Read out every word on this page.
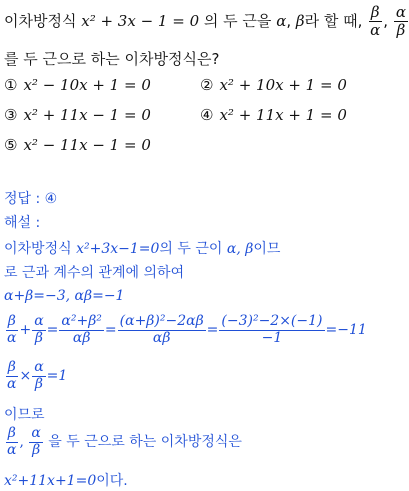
이차방정식 x² + 3x − 1 = 0 의 두 근을 α, β라 할 때, $\frac{\beta}{\alpha}$ , $\frac{\alpha}{\beta}$
를 두 근으로 하는 이차방정식은?
① x² − 10x + 1 = 0	② x² + 10x + 1 = 0
③ x² + 11x − 1 = 0	④ x² + 11x + 1 = 0
⑤ x² − 11x − 1 = 0
정답 : ④
해설 :
이차방정식 x²+3x−1=0의 두 근이 α, β이므
로 근과 계수의 관계에 의하여
α+β=−3, αβ=−1
$\frac{\beta}{\alpha} + \frac{\alpha}{\beta} = \frac{\text{α²+β²}}{\alpha\beta} = \frac{\text{(α+β)²−2αβ}}{\alpha\beta} = \frac{\text{(−3)²−2×(−1)}}{-1} =-11$
$\frac{\beta}{\alpha} \times \frac{\alpha}{\beta} =1$
이므로
$\frac{\beta}{\alpha}$ , $\frac{\alpha}{\beta}$ 을 두 근으로 하는 이차방정식은
x²+11x+1=0이다.
